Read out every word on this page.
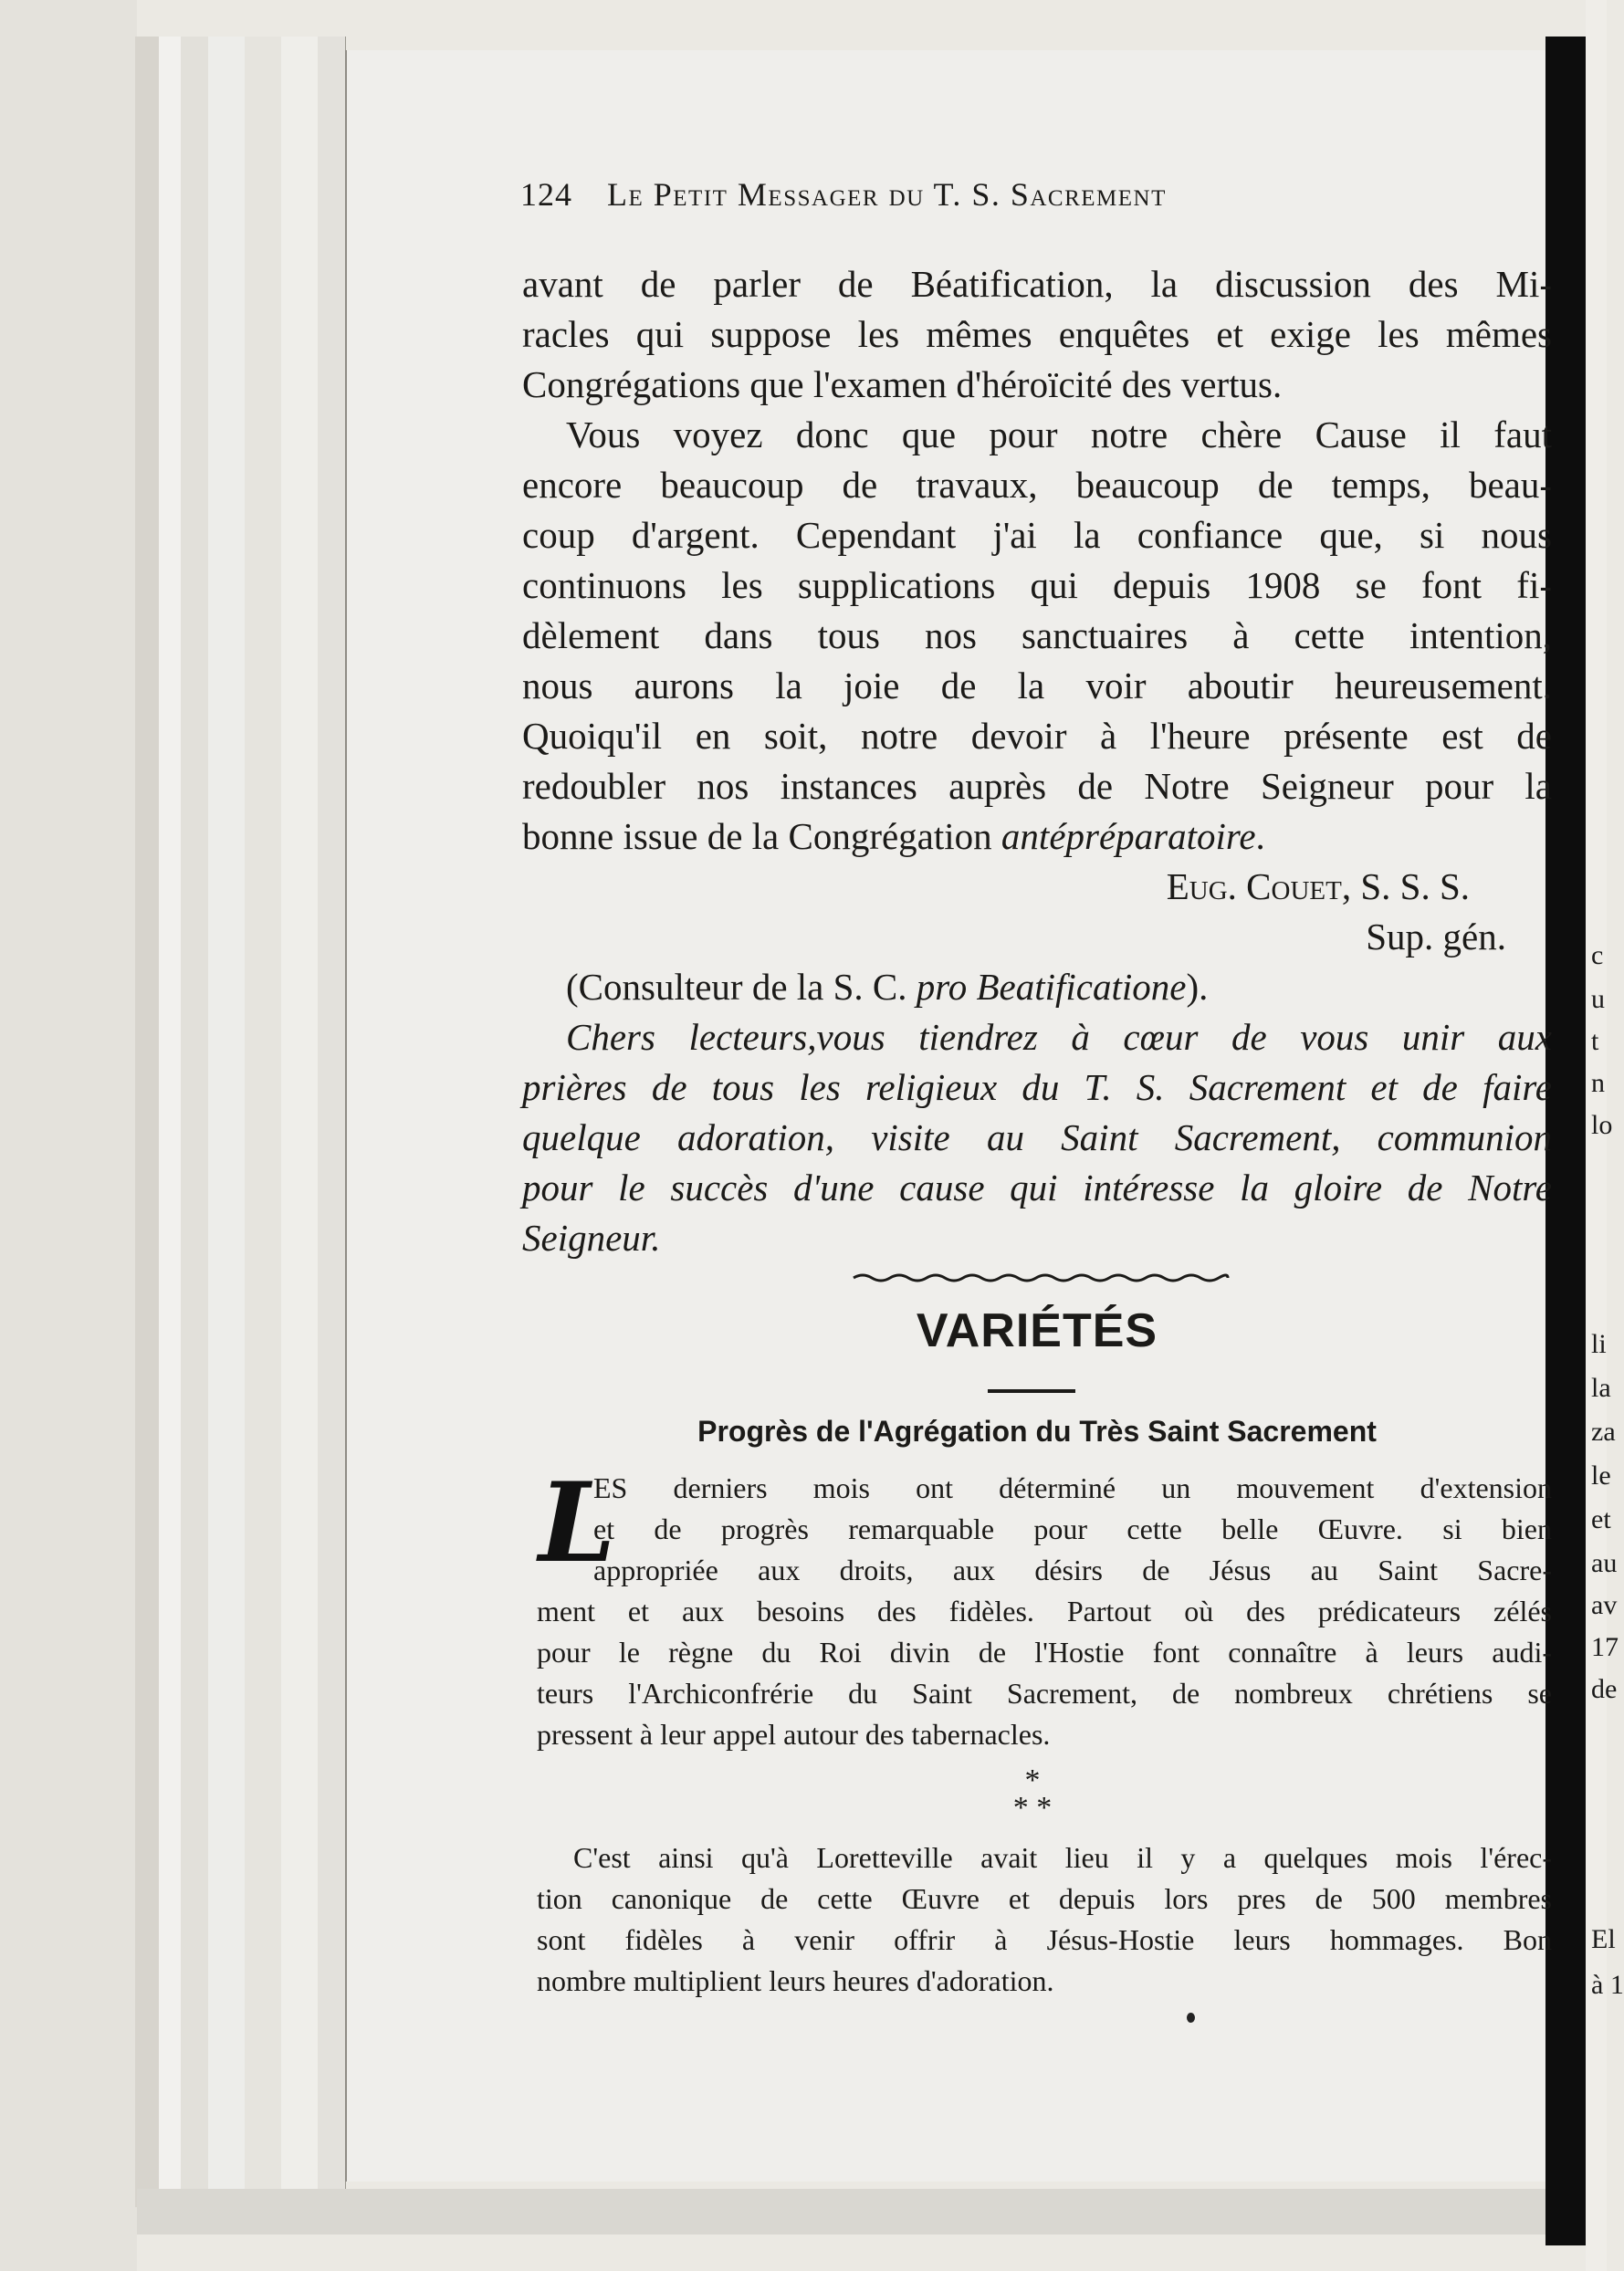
c
u
t
n
lo
li
la
za
le
et
au
av
17
de
El
à 1
124 Le Petit Messager du T. S. Sacrement
avant de parler de Béatification, la discussion des Mi-
racles qui suppose les mêmes enquêtes et exige les mêmes
Congrégations que l'examen d'héroïcité des vertus.
Vous voyez donc que pour notre chère Cause il faut
encore beaucoup de travaux, beaucoup de temps, beau-
coup d'argent. Cependant j'ai la confiance que, si nous
continuons les supplications qui depuis 1908 se font fi-
dèlement dans tous nos sanctuaires à cette intention,
nous aurons la joie de la voir aboutir heureusement.
Quoiqu'il en soit, notre devoir à l'heure présente est de
redoubler nos instances auprès de Notre Seigneur pour la
bonne issue de la Congrégation antépréparatoire.
Eug. Couet, S. S. S.
Sup. gén.
(Consulteur de la S. C. pro Beatificatione).
Chers lecteurs,vous tiendrez à cœur de vous unir aux
prières de tous les religieux du T. S. Sacrement et de faire
quelque adoration, visite au Saint Sacrement, communion
pour le succès d'une cause qui intéresse la gloire de Notre
Seigneur.
VARIÉTÉS
Progrès de l'Agrégation du Très Saint Sacrement
L
ES derniers mois ont déterminé un mouvement d'extension
et de progrès remarquable pour cette belle Œuvre. si bien
appropriée aux droits, aux désirs de Jésus au Saint Sacre-
ment et aux besoins des fidèles. Partout où des prédicateurs zélés
pour le règne du Roi divin de l'Hostie font connaître à leurs audi-
teurs l'Archiconfrérie du Saint Sacrement, de nombreux chrétiens se
pressent à leur appel autour des tabernacles.
*
* *
C'est ainsi qu'à Loretteville avait lieu il y a quelques mois l'érec-
tion canonique de cette Œuvre et depuis lors pres de 500 membres
sont fidèles à venir offrir à Jésus-Hostie leurs hommages. Bon
nombre multiplient leurs heures d'adoration.
